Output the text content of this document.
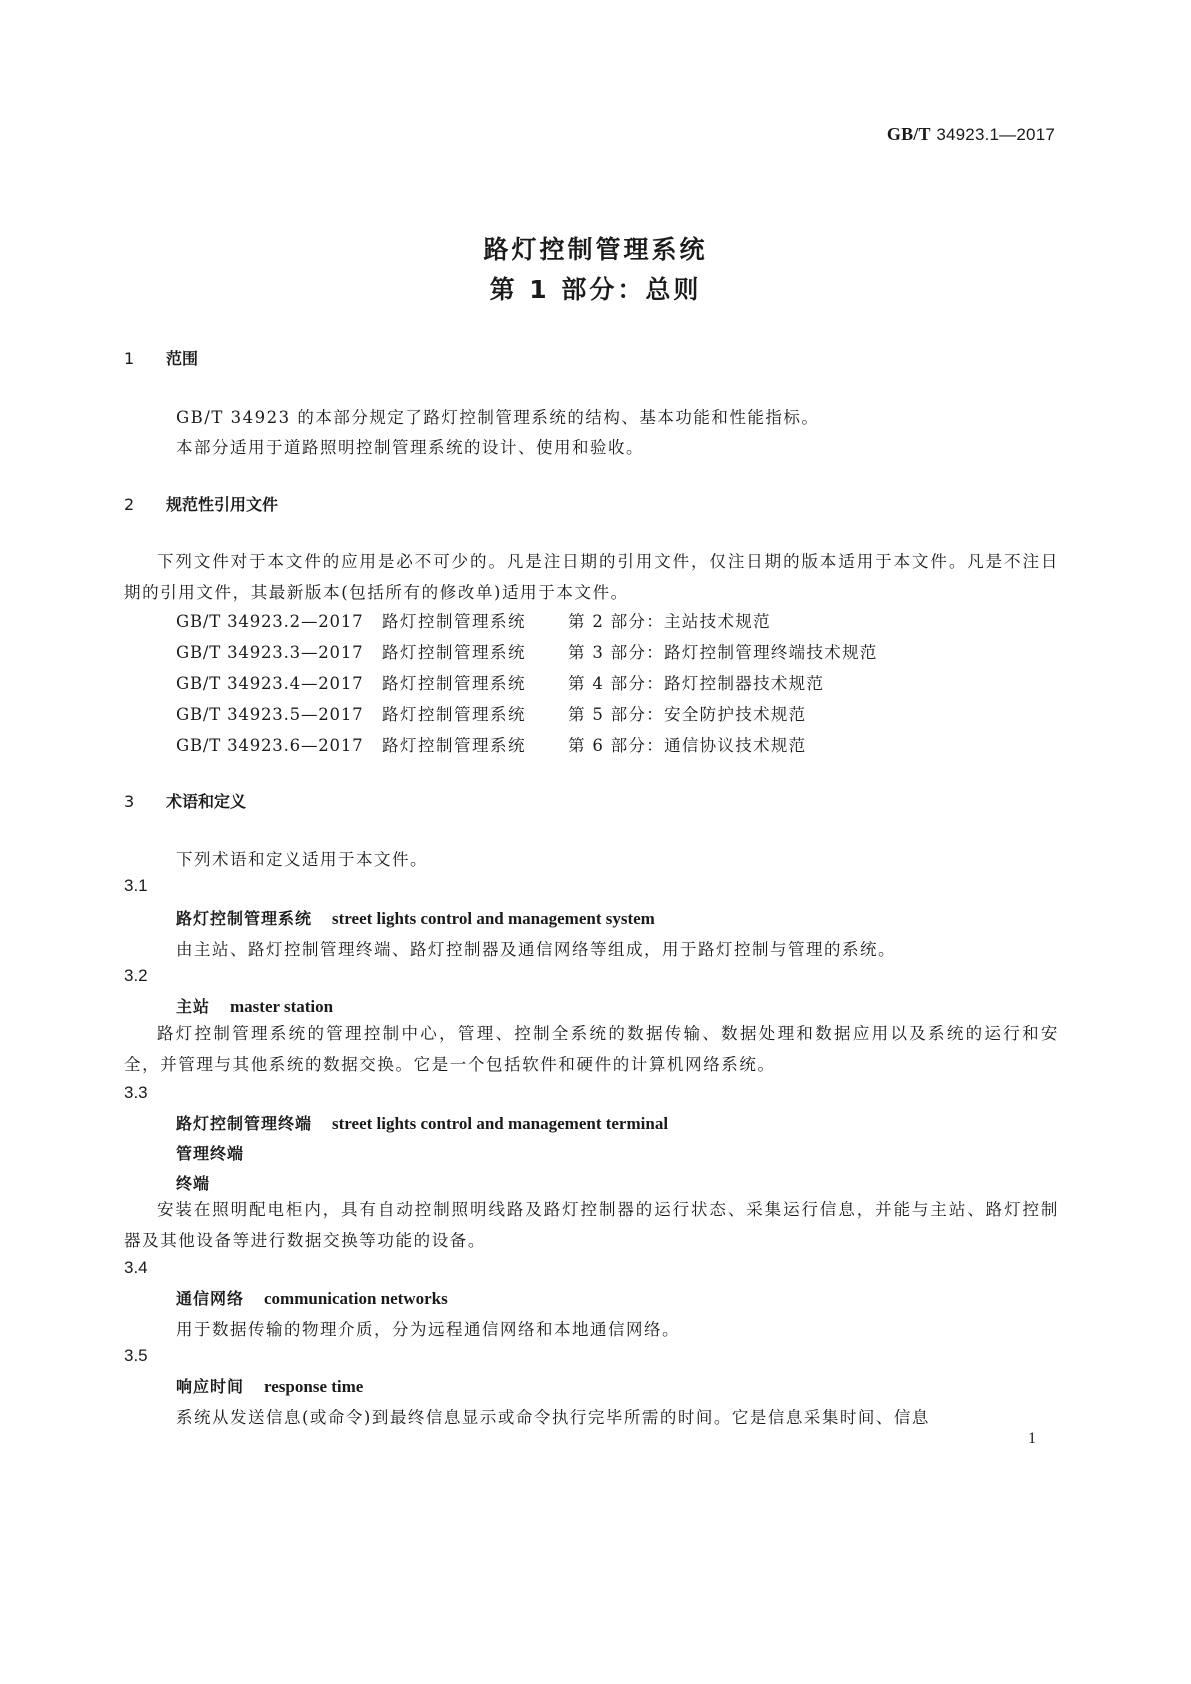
GB/T 34923.1—2017
路灯控制管理系统
第 1 部分：总则
1 范围
GB/T 34923 的本部分规定了路灯控制管理系统的结构、基本功能和性能指标。
本部分适用于道路照明控制管理系统的设计、使用和验收。
2 规范性引用文件
下列文件对于本文件的应用是必不可少的。凡是注日期的引用文件，仅注日期的版本适用于本文件。凡是不注日期的引用文件，其最新版本(包括所有的修改单)适用于本文件。
GB/T 34923.2—2017 路灯控制管理系统	第 2 部分：主站技术规范
GB/T 34923.3—2017 路灯控制管理系统	第 3 部分：路灯控制管理终端技术规范
GB/T 34923.4—2017 路灯控制管理系统	第 4 部分：路灯控制器技术规范
GB/T 34923.5—2017 路灯控制管理系统	第 5 部分：安全防护技术规范
GB/T 34923.6—2017 路灯控制管理系统	第 6 部分：通信协议技术规范
3 术语和定义
下列术语和定义适用于本文件。
3.1
路灯控制管理系统 street lights control and management system
由主站、路灯控制管理终端、路灯控制器及通信网络等组成，用于路灯控制与管理的系统。
3.2
主站 master station
路灯控制管理系统的管理控制中心，管理、控制全系统的数据传输、数据处理和数据应用以及系统的运行和安全，并管理与其他系统的数据交换。它是一个包括软件和硬件的计算机网络系统。
3.3
路灯控制管理终端 street lights control and management terminal
管理终端
终端
安装在照明配电柜内，具有自动控制照明线路及路灯控制器的运行状态、采集运行信息，并能与主站、路灯控制器及其他设备等进行数据交换等功能的设备。
3.4
通信网络 communication networks
用于数据传输的物理介质，分为远程通信网络和本地通信网络。
3.5
响应时间 response time
系统从发送信息(或命令)到最终信息显示或命令执行完毕所需的时间。它是信息采集时间、信息
1
